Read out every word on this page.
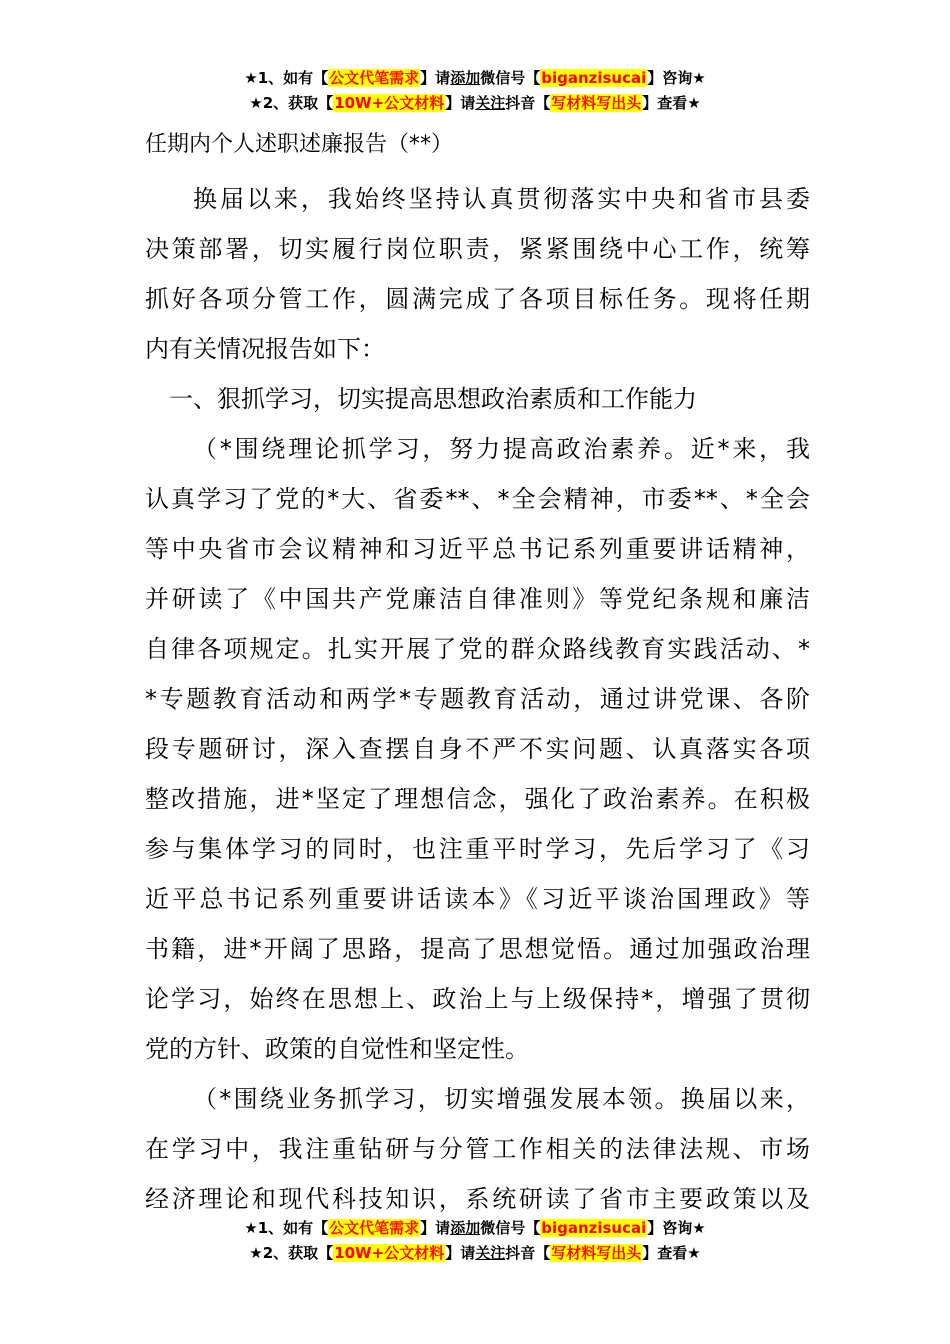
★1、如有【公文代笔需求】请添加微信号【biganzisucai】咨询★
★2、获取【10W+公文材料】请关注抖音【写材料写出头】查看★
任期内个人述职述廉报告（**）

换届以来，我始终坚持认真贯彻落实中央和省市县委

决策部署，切实履行岗位职责，紧紧围绕中心工作，统筹

抓好各项分管工作，圆满完成了各项目标任务。现将任期

内有关情况报告如下：

一、狠抓学习，切实提高思想政治素质和工作能力

（*围绕理论抓学习，努力提高政治素养。近*来，我

认真学习了党的*大、省委**、*全会精神，市委**、*全会

等中央省市会议精神和习近平总书记系列重要讲话精神，

并研读了《中国共产党廉洁自律准则》等党纪条规和廉洁

自律各项规定。扎实开展了党的群众路线教育实践活动、*

*专题教育活动和两学*专题教育活动，通过讲党课、各阶

段专题研讨，深入查摆自身不严不实问题、认真落实各项

整改措施，进*坚定了理想信念，强化了政治素养。在积极

参与集体学习的同时，也注重平时学习，先后学习了《习

近平总书记系列重要讲话读本》《习近平谈治国理政》等

书籍，进*开阔了思路，提高了思想觉悟。通过加强政治理

论学习，始终在思想上、政治上与上级保持*，增强了贯彻

党的方针、政策的自觉性和坚定性。

（*围绕业务抓学习，切实增强发展本领。换届以来，

在学习中，我注重钻研与分管工作相关的法律法规、市场

经济理论和现代科技知识，系统研读了省市主要政策以及

★1、如有【公文代笔需求】请添加微信号【biganzisucai】咨询★
★2、获取【10W+公文材料】请关注抖音【写材料写出头】查看★
